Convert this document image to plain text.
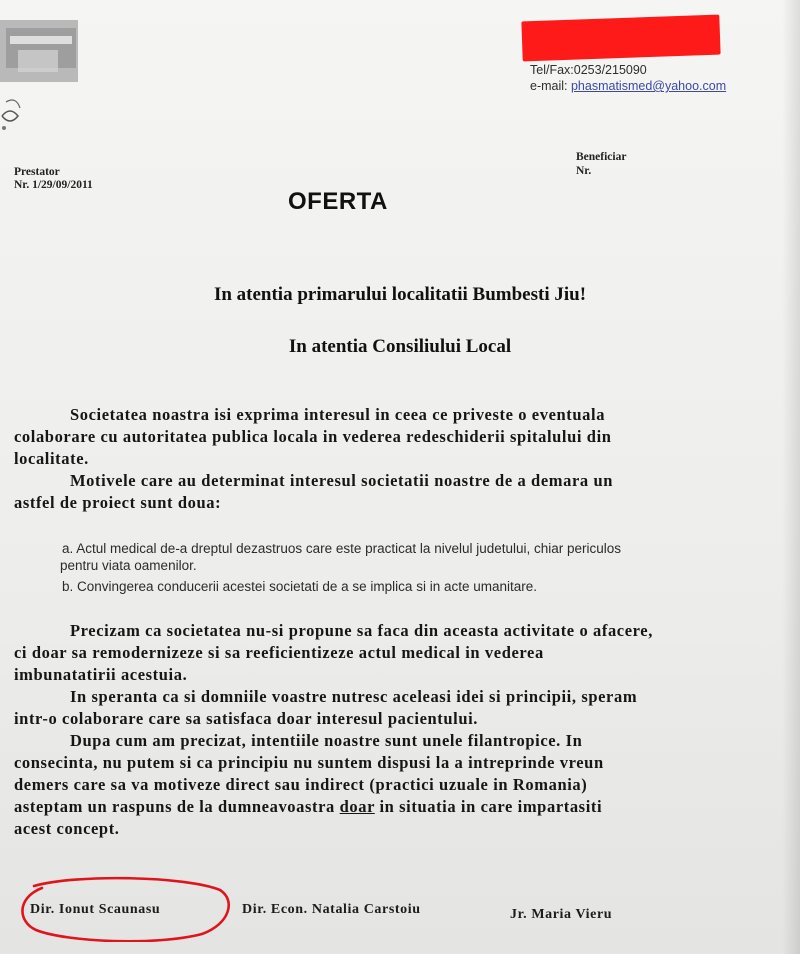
Tel/Fax:0253/215090
e-mail: phasmatismed@yahoo.com
Prestator
Nr. 1/29/09/2011
Beneficiar
Nr.
OFERTA
In atentia primarului localitatii Bumbesti Jiu!
In atentia Consiliului Local
Societatea noastra isi exprima interesul in ceea ce priveste o eventuala
colaborare cu autoritatea publica locala in vederea redeschiderii spitalului din
localitate.
Motivele care au determinat interesul societatii noastre de a demara un
astfel de proiect sunt doua:
a. Actul medical de-a dreptul dezastruos care este practicat la nivelul judetului, chiar periculos
pentru viata oamenilor.
b. Convingerea conducerii acestei societati de a se implica si in acte umanitare.
Precizam ca societatea nu-si propune sa faca din aceasta activitate o afacere,
ci doar sa remodernizeze si sa reeficientizeze actul medical in vederea
imbunatatirii acestuia.
In speranta ca si domniile voastre nutresc aceleasi idei si principii, speram
intr-o colaborare care sa satisfaca doar interesul pacientului.
Dupa cum am precizat, intentiile noastre sunt unele filantropice. In
consecinta, nu putem si ca principiu nu suntem dispusi la a intreprinde vreun
demers care sa va motiveze direct sau indirect (practici uzuale in Romania)
asteptam un raspuns de la dumneavoastra doar in situatia in care impartasiti
acest concept.
Dir. Ionut Scaunasu	Dir. Econ. Natalia Carstoiu	Jr. Maria Vieru
